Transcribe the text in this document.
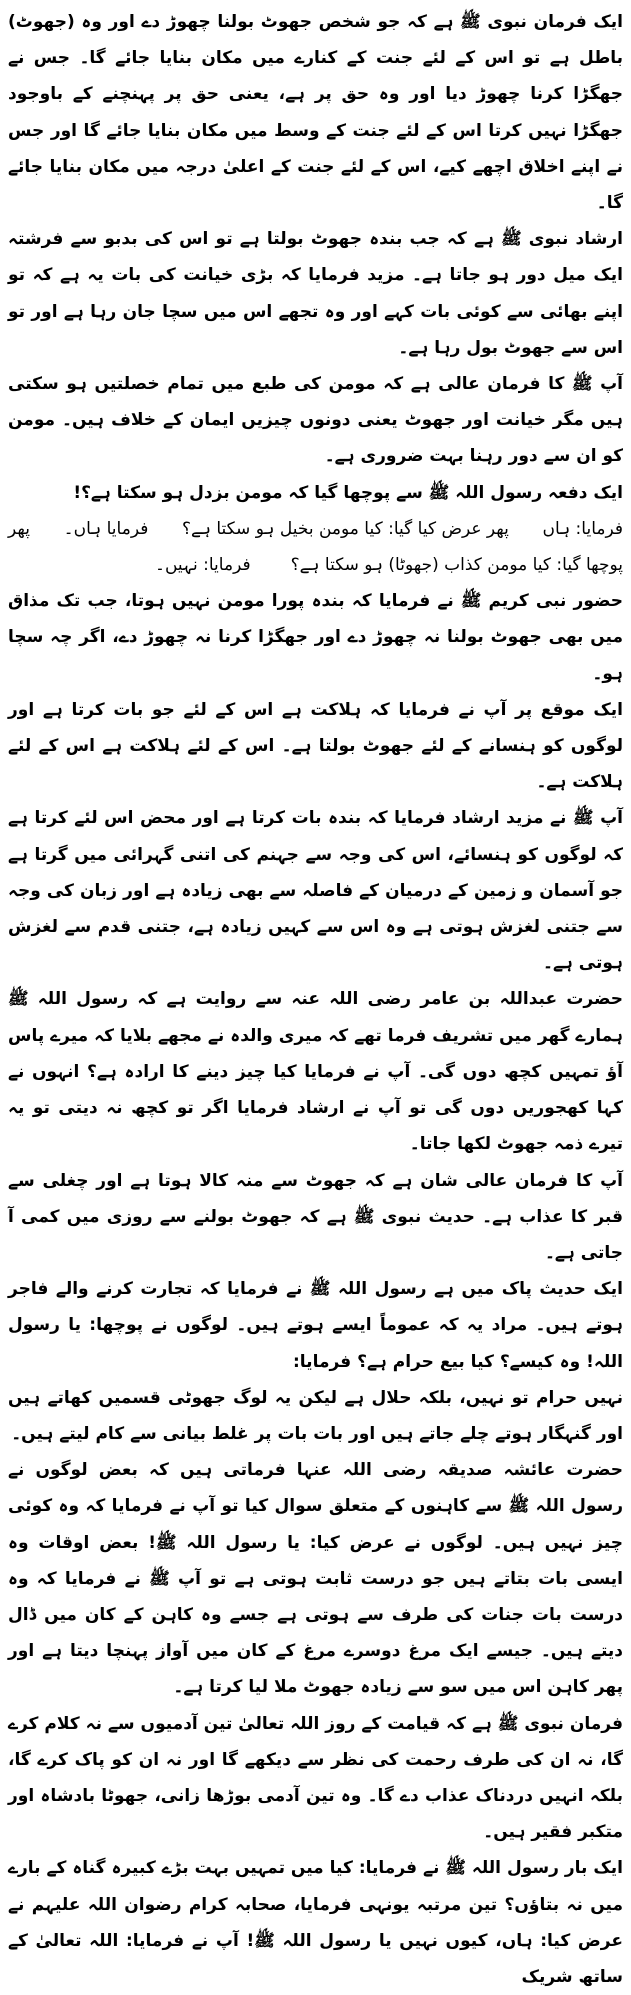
ایک فرمان نبوی ﷺ ہے کہ جو شخص جھوٹ بولنا چھوڑ دے اور وہ (جھوٹ) باطل ہے تو اس کے لئے جنت کے کنارے میں مکان بنایا جائے گا۔ جس نے جھگڑا کرنا چھوڑ دیا اور وہ حق پر ہے، یعنی حق پر پہنچنے کے باوجود جھگڑا نہیں کرتا اس کے لئے جنت کے وسط میں مکان بنایا جائے گا اور جس نے اپنے اخلاق اچھے کیے، اس کے لئے جنت کے اعلیٰ درجہ میں مکان بنایا جائے گا۔

ارشاد نبوی ﷺ ہے کہ جب بندہ جھوٹ بولتا ہے تو اس کی بدبو سے فرشتہ ایک میل دور ہو جاتا ہے۔ مزید فرمایا کہ بڑی خیانت کی بات یہ ہے کہ تو اپنے بھائی سے کوئی بات کہے اور وہ تجھے اس میں سچا جان رہا ہے اور تو اس سے جھوٹ بول رہا ہے۔

آپ ﷺ کا فرمان عالی ہے کہ مومن کی طبع میں تمام خصلتیں ہو سکتی ہیں مگر خیانت اور جھوٹ یعنی دونوں چیزیں ایمان کے خلاف ہیں۔ مومن کو ان سے دور رہنا بہت ضروری ہے۔

ایک دفعہ رسول اللہ ﷺ سے پوچھا گیا کہ مومن بزدل ہو سکتا ہے؟!

فرمایا: ہاں
پھر عرض کیا گیا: کیا مومن بخیل ہو سکتا ہے؟
فرمایا ہاں۔
پھر
پوچھا گیا: کیا مومن کذاب (جھوٹا) ہو سکتا ہے؟
فرمایا: نہیں۔

حضور نبی کریم ﷺ نے فرمایا کہ بندہ پورا مومن نہیں ہوتا، جب تک مذاق میں بھی جھوٹ بولنا نہ چھوڑ دے اور جھگڑا کرنا نہ چھوڑ دے، اگر چہ سچا ہو۔

ایک موقع پر آپ نے فرمایا کہ ہلاکت ہے اس کے لئے جو بات کرتا ہے اور لوگوں کو ہنسانے کے لئے جھوٹ بولتا ہے۔ اس کے لئے ہلاکت ہے اس کے لئے ہلاکت ہے۔

آپ ﷺ نے مزید ارشاد فرمایا کہ بندہ بات کرتا ہے اور محض اس لئے کرتا ہے کہ لوگوں کو ہنسائے، اس کی وجہ سے جہنم کی اتنی گہرائی میں گرتا ہے جو آسمان و زمین کے درمیان کے فاصلہ سے بھی زیادہ ہے اور زبان کی وجہ سے جتنی لغزش ہوتی ہے وہ اس سے کہیں زیادہ ہے، جتنی قدم سے لغزش ہوتی ہے۔

حضرت عبداللہ بن عامر رضی اللہ عنہ سے روایت ہے کہ رسول اللہ ﷺ ہمارے گھر میں تشریف فرما تھے کہ میری والدہ نے مجھے بلایا کہ میرے پاس آؤ تمہیں کچھ دوں گی۔ آپ نے فرمایا کیا چیز دینے کا ارادہ ہے؟ انہوں نے کہا کھجوریں دوں گی تو آپ نے ارشاد فرمایا اگر تو کچھ نہ دیتی تو یہ تیرے ذمہ جھوٹ لکھا جاتا۔

آپ کا فرمان عالی شان ہے کہ جھوٹ سے منہ کالا ہوتا ہے اور چغلی سے قبر کا عذاب ہے۔ حدیث نبوی ﷺ ہے کہ جھوٹ بولنے سے روزی میں کمی آ جاتی ہے۔

ایک حدیث پاک میں ہے رسول اللہ ﷺ نے فرمایا کہ تجارت کرنے والے فاجر ہوتے ہیں۔ مراد یہ کہ عموماً ایسے ہوتے ہیں۔ لوگوں نے پوچھا: یا رسول اللہ! وہ کیسے؟ کیا بیع حرام ہے؟ فرمایا:

نہیں حرام تو نہیں، بلکہ حلال ہے لیکن یہ لوگ جھوٹی قسمیں کھاتے ہیں اور گنہگار ہوتے چلے جاتے ہیں اور بات بات پر غلط بیانی سے کام لیتے ہیں۔

حضرت عائشہ صدیقہ رضی اللہ عنہا فرماتی ہیں کہ بعض لوگوں نے رسول اللہ ﷺ سے کاہنوں کے متعلق سوال کیا تو آپ نے فرمایا کہ وہ کوئی چیز نہیں ہیں۔ لوگوں نے عرض کیا: یا رسول اللہ ﷺ! بعض اوقات وہ ایسی بات بتاتے ہیں جو درست ثابت ہوتی ہے تو آپ ﷺ نے فرمایا کہ وہ درست بات جنات کی طرف سے ہوتی ہے جسے وہ کاہن کے کان میں ڈال دیتے ہیں۔ جیسے ایک مرغ دوسرے مرغ کے کان میں آواز پہنچا دیتا ہے اور پھر کاہن اس میں سو سے زیادہ جھوٹ ملا لیا کرتا ہے۔

فرمان نبوی ﷺ ہے کہ قیامت کے روز اللہ تعالیٰ تین آدمیوں سے نہ کلام کرے گا، نہ ان کی طرف رحمت کی نظر سے دیکھے گا اور نہ ان کو پاک کرے گا، بلکہ انہیں دردناک عذاب دے گا۔ وہ تین آدمی بوڑھا زانی، جھوٹا بادشاہ اور متکبر فقیر ہیں۔

ایک بار رسول اللہ ﷺ نے فرمایا: کیا میں تمہیں بہت بڑے کبیرہ گناہ کے بارے میں نہ بتاؤں؟ تین مرتبہ یونہی فرمایا، صحابہ کرام رضوان اللہ علیہم نے عرض کیا: ہاں، کیوں نہیں یا رسول اللہ ﷺ! آپ نے فرمایا: اللہ تعالیٰ کے ساتھ شریک
